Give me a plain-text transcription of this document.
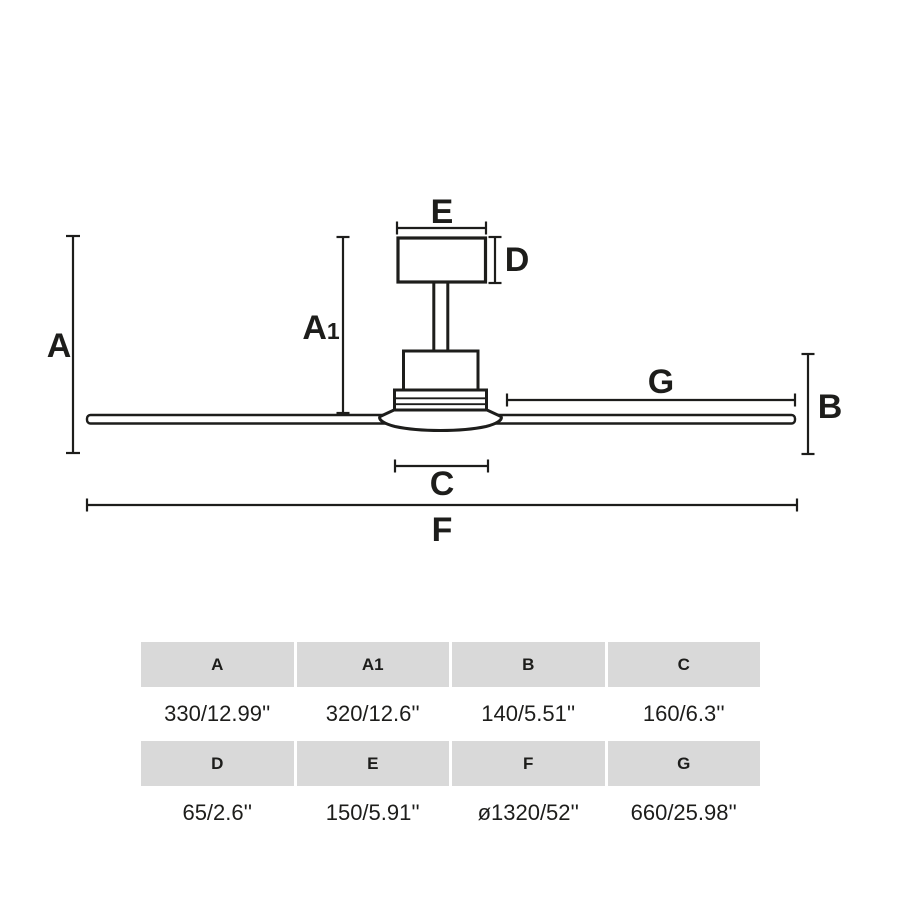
A	A1
E
D
B
G
C
F
A	A1	B	C
330/12.99''	320/12.6''	140/5.51''	160/6.3''
D	E	F	G
65/2.6''	150/5.91''	ø1320/52''	660/25.98''
